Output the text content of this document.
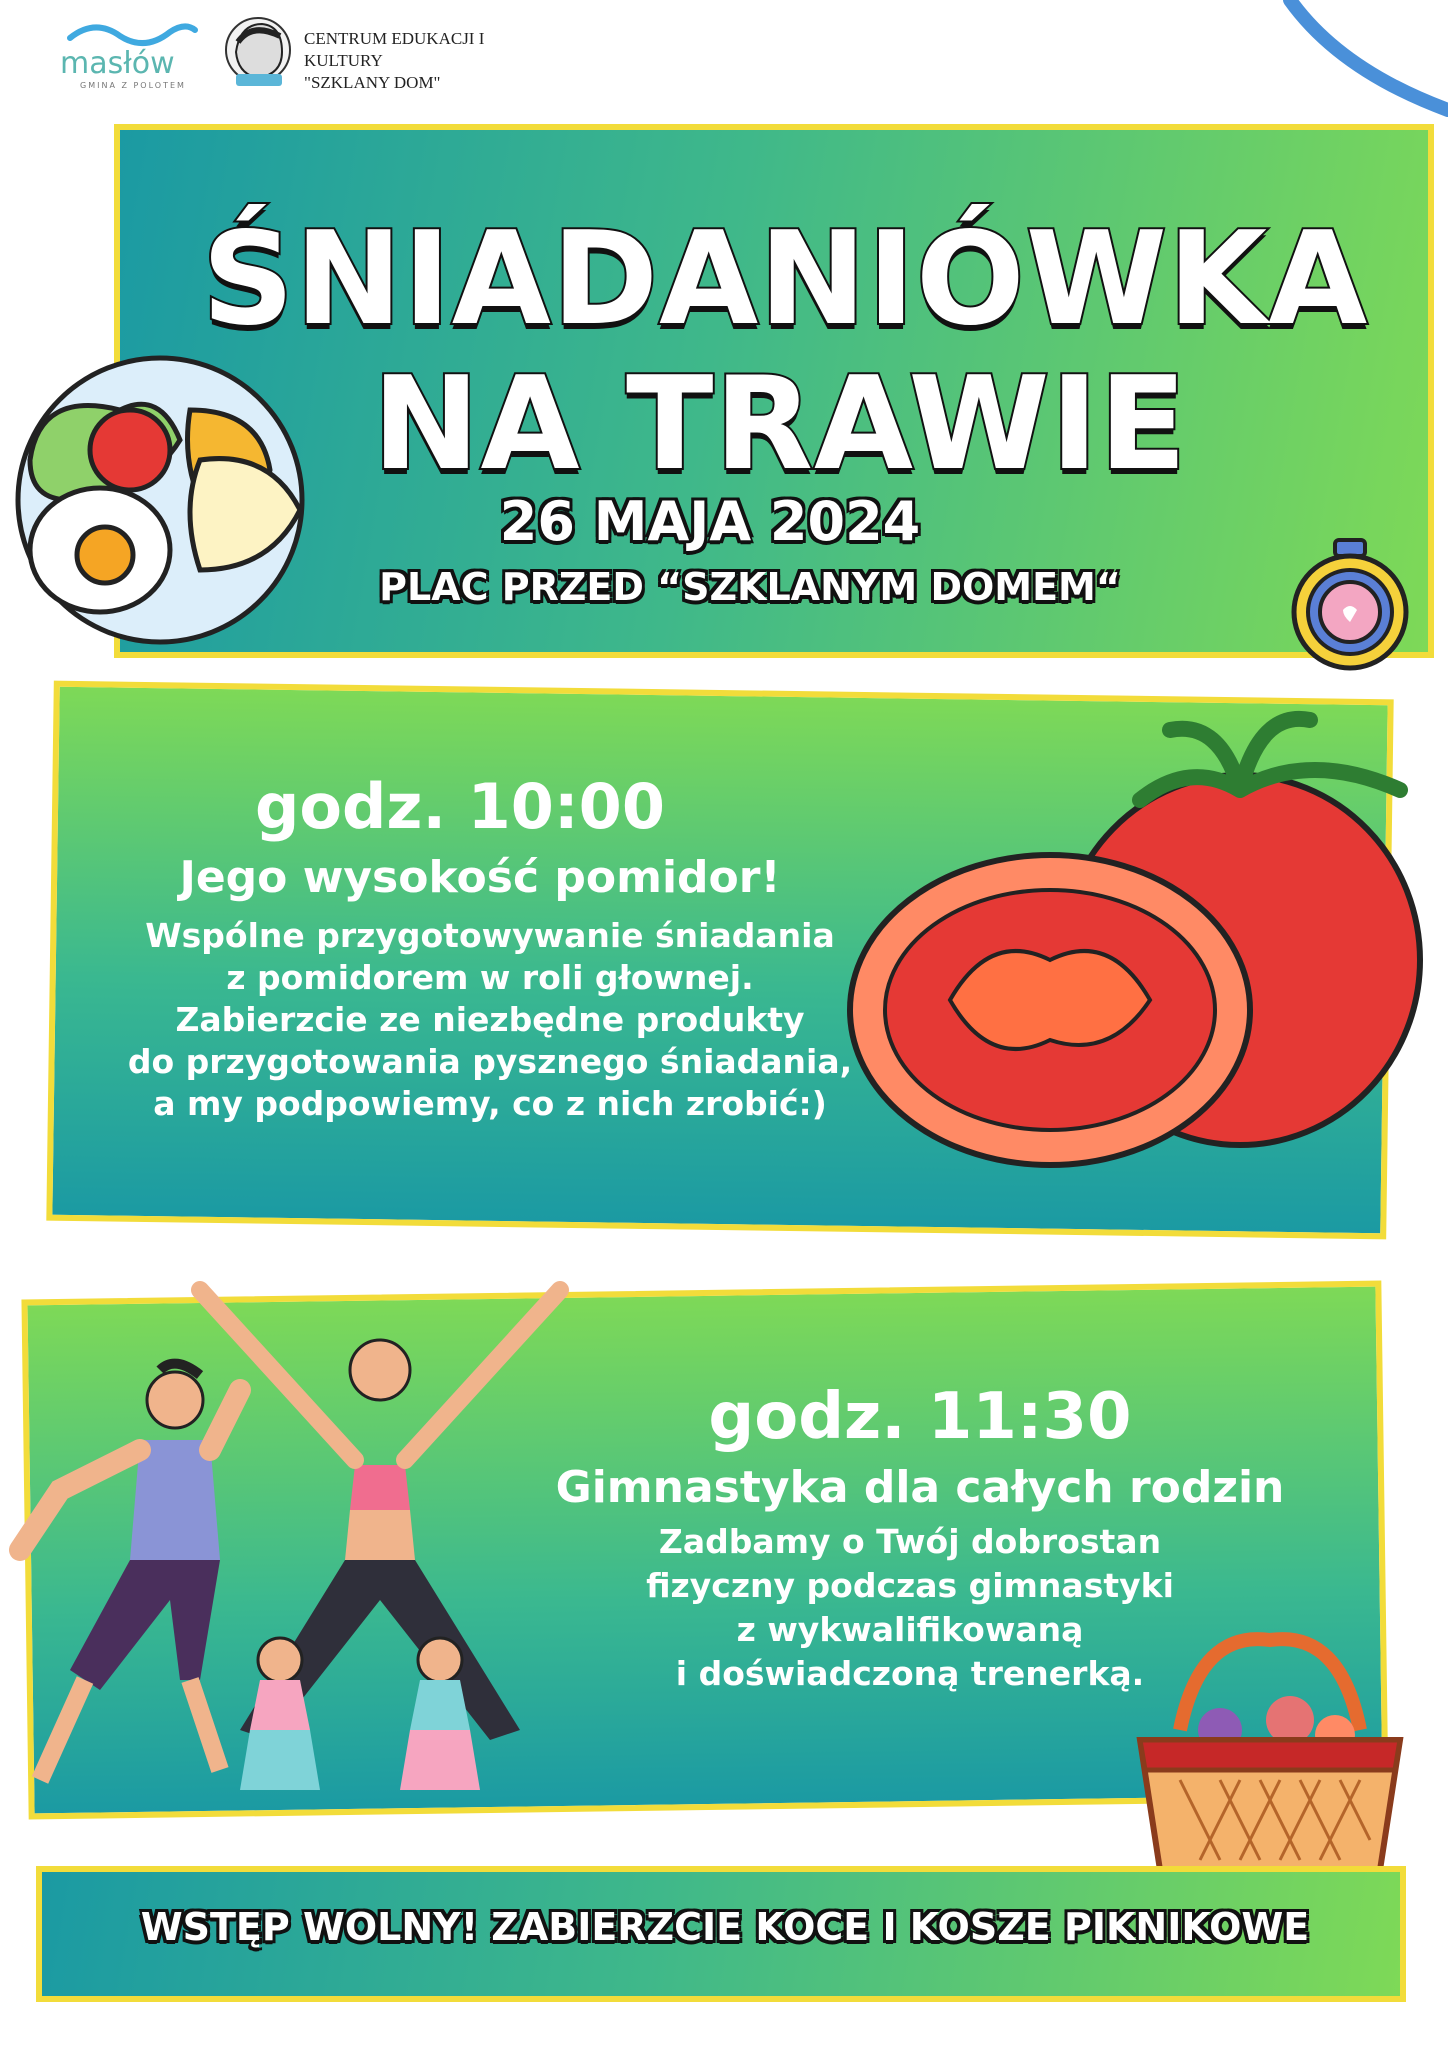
masłów
GMINA Z POLOTEM
CENTRUM EDUKACJI I KULTURY
"SZKLANY DOM"
ŚNIADANIÓWKA
NA TRAWIE
26 MAJA 2024
PLAC PRZED “SZKLANYM DOMEM“
godz. 10:00
Jego wysokość pomidor!
Wspólne przygotowywanie śniadania
z pomidorem w roli głownej.
Zabierzcie ze niezbędne produkty
do przygotowania pysznego śniadania,
a my podpowiemy, co z nich zrobić:)
godz. 11:30
Gimnastyka dla całych rodzin
Zadbamy o Twój dobrostan
fizyczny podczas gimnastyki
z wykwalifikowaną
i doświadczoną trenerką.
WSTĘP WOLNY! ZABIERZCIE KOCE I KOSZE PIKNIKOWE
